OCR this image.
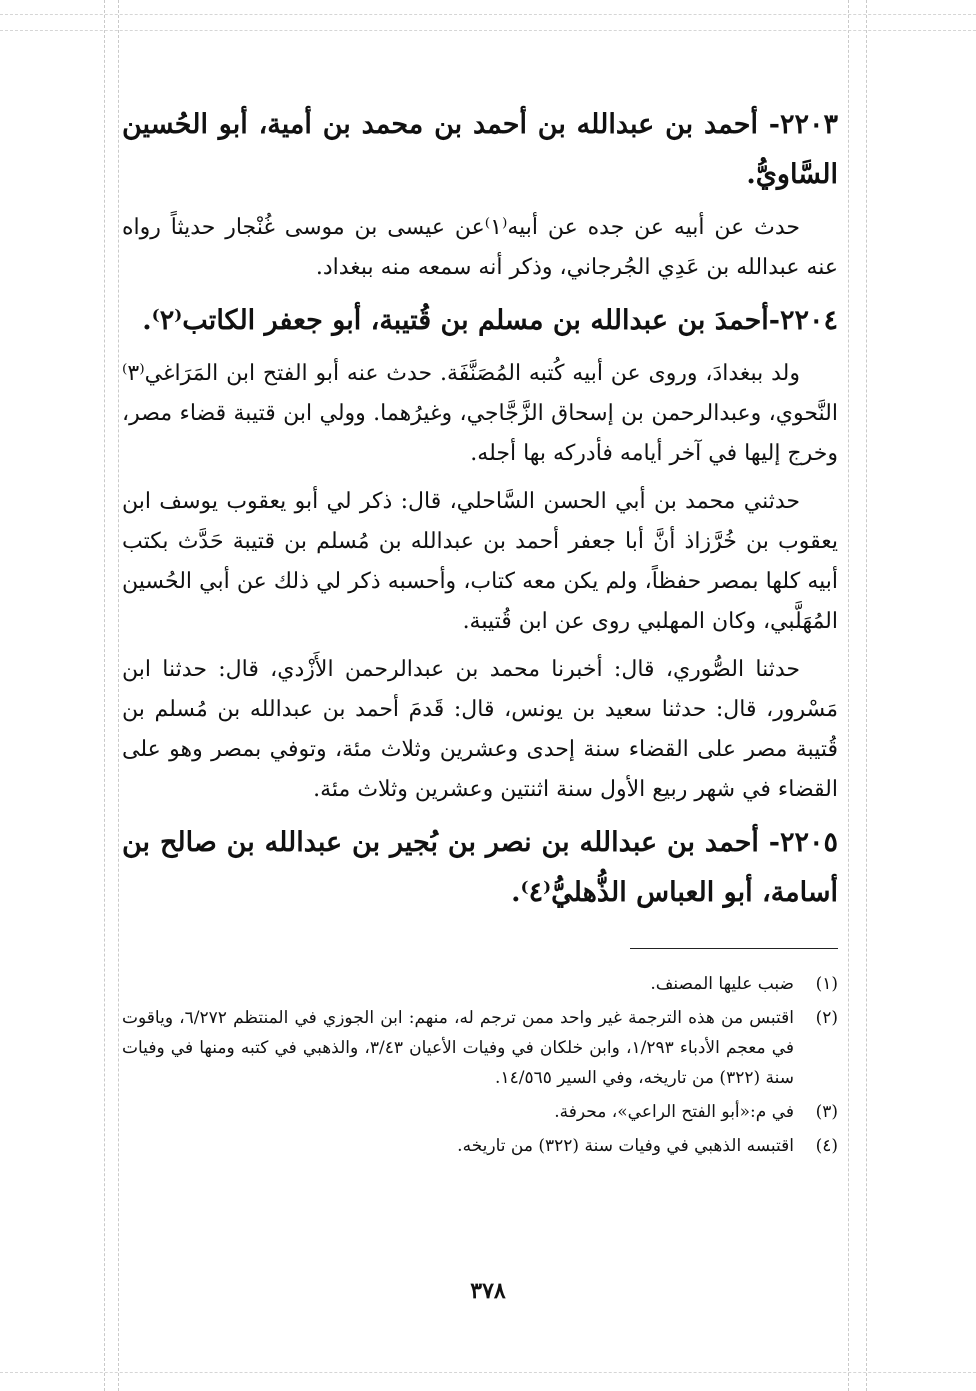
٢٢٠٣- أحمد بن عبدالله بن أحمد بن محمد بن أمية، أبو الحُسين السَّاويُّ.
حدث عن أبيه عن جده عن أبيه⁽١⁾عن عيسى بن موسى غُنْجار حديثاً رواه عنه عبدالله بن عَدِي الجُرجاني، وذكر أنه سمعه منه ببغداد.
٢٢٠٤-أحمدَ بن عبدالله بن مسلم بن قُتيبة، أبو جعفر الكاتب⁽٢⁾.
ولد ببغدادَ، وروى عن أبيه كُتبه المُصَنَّفَة. حدث عنه أبو الفتح ابن المَرَاغي⁽٣⁾النَّحوي، وعبدالرحمن بن إسحاق الزَّجَّاجي، وغيرُهما. وولي ابن قتيبة قضاء مصر، وخرج إليها في آخر أيامه فأدركه بها أجله.
حدثني محمد بن أبي الحسن السَّاحلي، قال: ذكر لي أبو يعقوب يوسف ابن يعقوب بن خُرَّزاذ أنَّ أبا جعفر أحمد بن عبدالله بن مُسلم بن قتيبة حَدَّث بكتب أبيه كلها بمصر حفظاً، ولم يكن معه كتاب، وأحسبه ذكر لي ذلك عن أبي الحُسين المُهَلَّبي، وكان المهلبي روى عن ابن قُتيبة.
حدثنا الصُّوري، قال: أخبرنا محمد بن عبدالرحمن الأَزْدي، قال: حدثنا ابن مَسْرور، قال: حدثنا سعيد بن يونس، قال: قَدمَ أحمد بن عبدالله بن مُسلم بن قُتيبة مصر على القضاء سنة إحدى وعشرين وثلاث مئة، وتوفي بمصر وهو على القضاء في شهر ربيع الأول سنة اثنتين وعشرين وثلاث مئة.
٢٢٠٥- أحمد بن عبدالله بن نصر بن بُجير بن عبدالله بن صالح بن أسامة، أبو العباس الذُّهليُّ⁽٤⁾.
(١)
ضبب عليها المصنف.
(٢)
اقتبس من هذه الترجمة غير واحد ممن ترجم له، منهم: ابن الجوزي في المنتظم ٦/٢٧٢، وياقوت في معجم الأدباء ١/٢٩٣، وابن خلكان في وفيات الأعيان ٣/٤٣، والذهبي في كتبه ومنها في وفيات سنة (٣٢٢) من تاريخه، وفي السير ١٤/٥٦٥.
(٣)
في م:«أبو الفتح الراعي»، محرفة.
(٤)
اقتبسه الذهبي في وفيات سنة (٣٢٢) من تاريخه.
٣٧٨
